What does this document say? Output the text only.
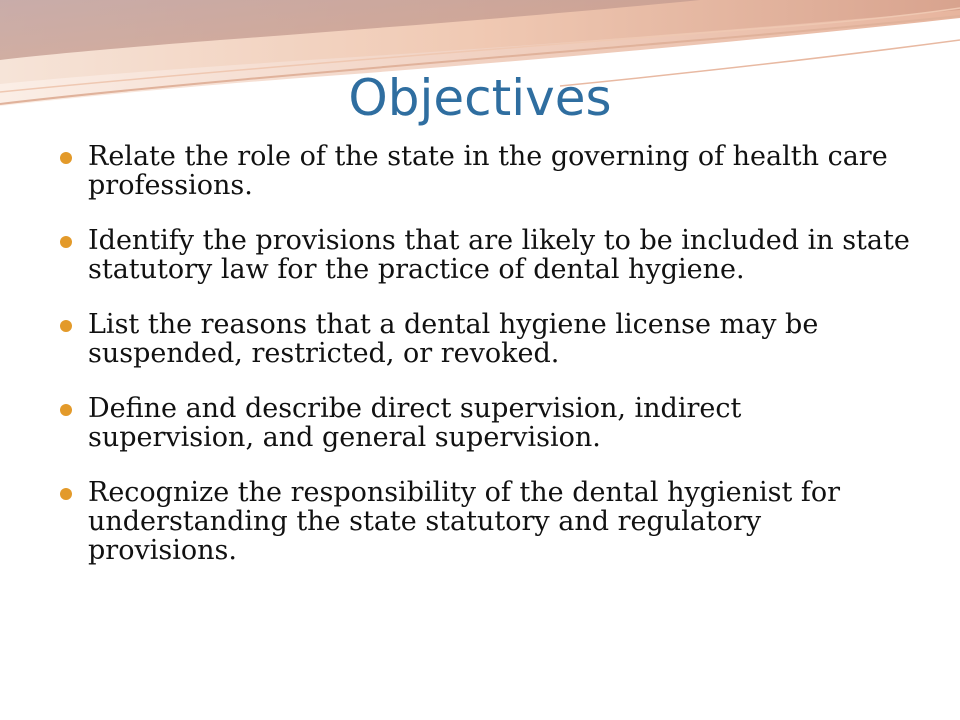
Objectives
Relate the role of the state in the governing of health care professions.
Identify the provisions that are likely to be included in state statutory law for the practice of dental hygiene.
List the reasons that a dental hygiene license may be suspended, restricted, or revoked.
Define and describe direct supervision, indirect supervision, and general supervision.
Recognize the responsibility of the dental hygienist for understanding the state statutory and regulatory provisions.
